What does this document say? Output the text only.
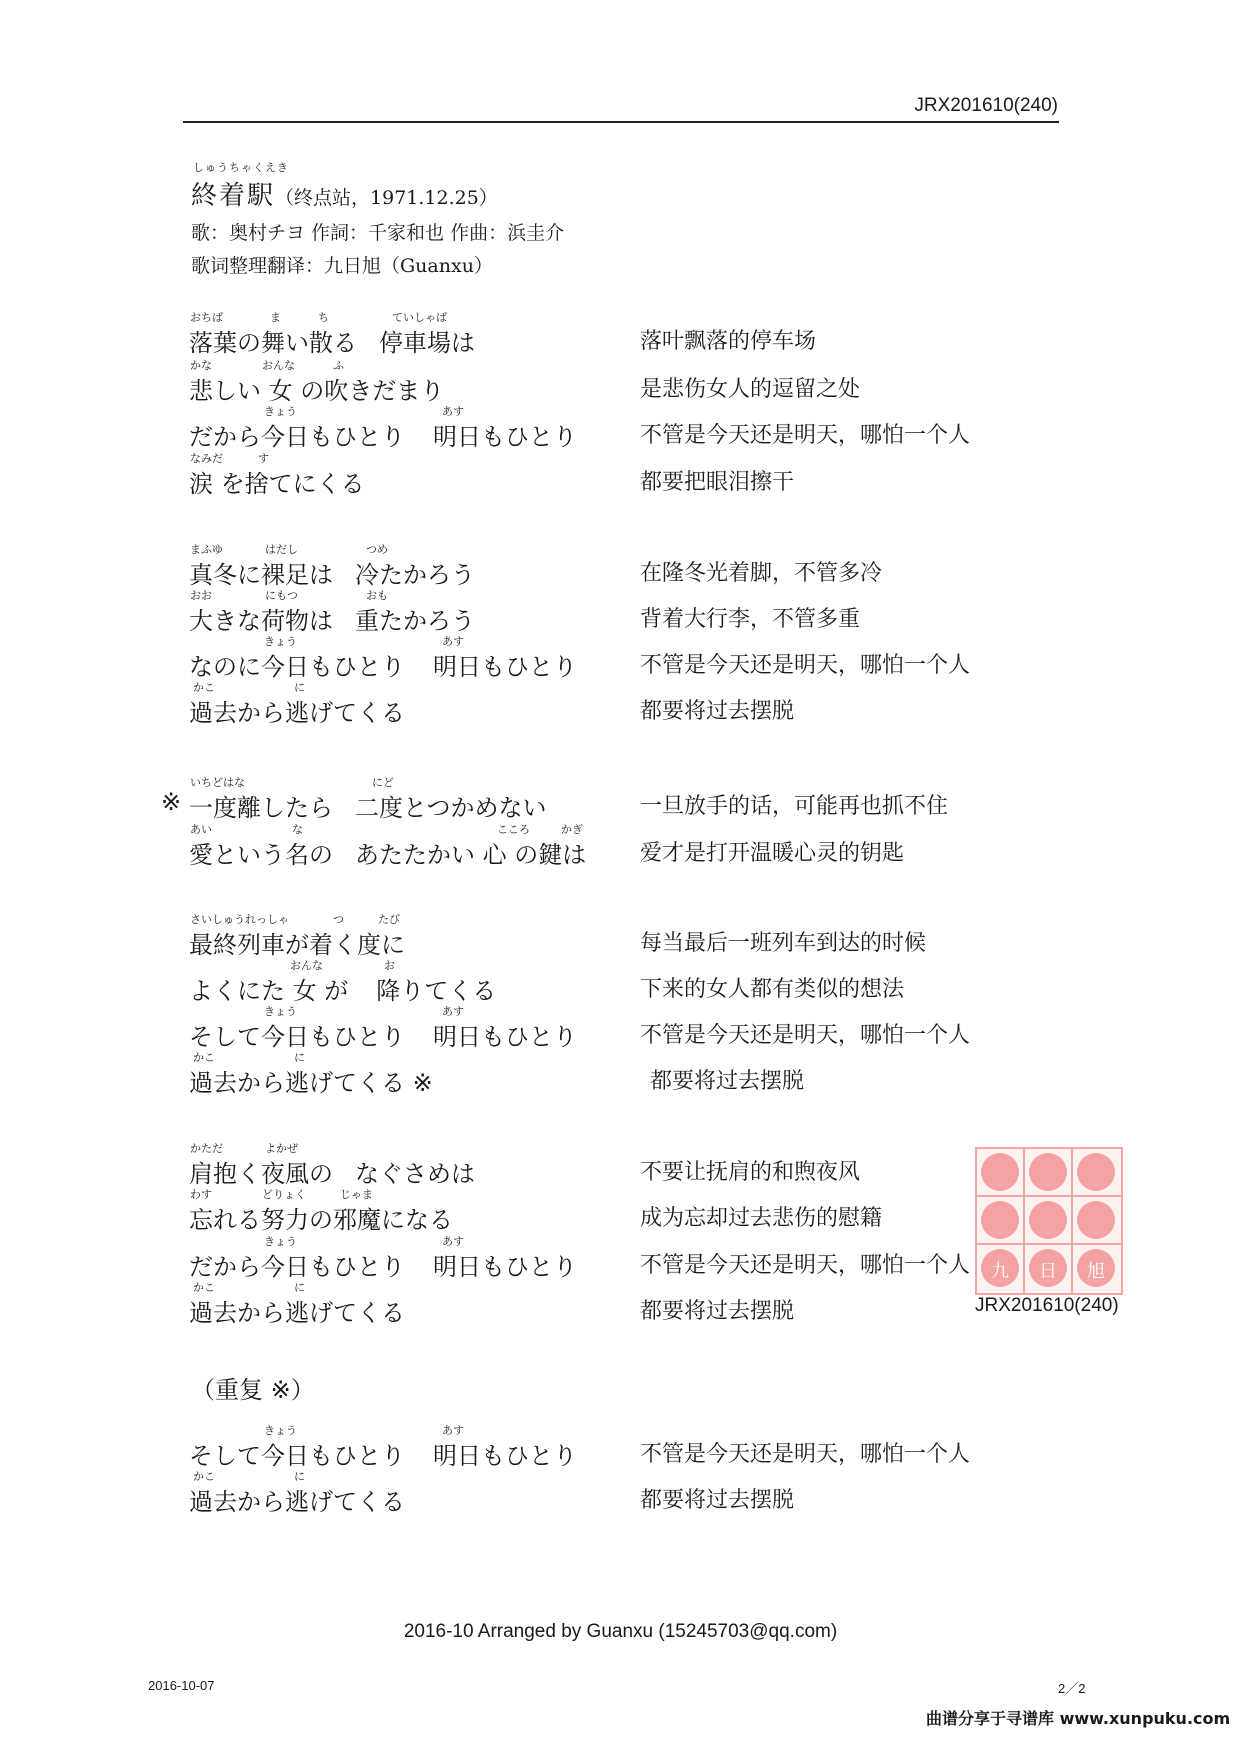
JRX201610(240)
しゅうちゃくえき
終着駅（终点站，1971.12.25）
歌：奥村チヨ 作詞：千家和也 作曲：浜圭介
歌词整理翻译：九日旭（Guanxu）
おちば	ま	ち	ていしゃば
落葉の舞い散る 停車場は	落叶飘落的停车场
かな	おんな	ふ
悲しい 女 の吹きだまり	是悲伤女人的逗留之处
きょう	あす
だから今日もひとり 明日もひとり	不管是今天还是明天，哪怕一个人
なみだ	す
涙 を捨てにくる	都要把眼泪擦干
まふゆ	はだし	つめ
真冬に裸足は 冷たかろう	在隆冬光着脚，不管多冷
おお	にもつ	おも
大きな荷物は 重たかろう	背着大行李，不管多重
きょう	あす
なのに今日もひとり 明日もひとり	不管是今天还是明天，哪怕一个人
かこ	に
過去から逃げてくる	都要将过去摆脱
いちどはな	にど
※ 一度離したら 二度とつかめない	一旦放手的话，可能再也抓不住
あい	な	こころ	かぎ
愛という名の あたたかい 心 の鍵は 爱才是打开温暖心灵的钥匙
さいしゅうれっしゃ	つ	たび
最終列車が着く度に	每当最后一班列车到达的时候
おんな	お
よくにた 女 が 降りてくる	下来的女人都有类似的想法
きょう	あす
そして今日もひとり 明日もひとり	不管是今天还是明天，哪怕一个人
かこ	に
過去から逃げてくる ※	都要将过去摆脱
かただ	よかぜ
肩抱く夜風の なぐさめは	不要让抚肩的和煦夜风
わす	どりょく	じゃま
忘れる努力の邪魔になる	成为忘却过去悲伤的慰籍
きょう	あす
だから今日もひとり 明日もひとり	不管是今天还是明天，哪怕一个人
かこ	に
過去から逃げてくる	都要将过去摆脱
九 日 旭
JRX201610(240)
（重复 ※）
きょう	あす
そして今日もひとり 明日もひとり	不管是今天还是明天，哪怕一个人
かこ	に
過去から逃げてくる	都要将过去摆脱
2016-10 Arranged by Guanxu (15245703@qq.com)
2016-10-07	2／2
曲谱分享于寻谱库 www.xunpuku.com
